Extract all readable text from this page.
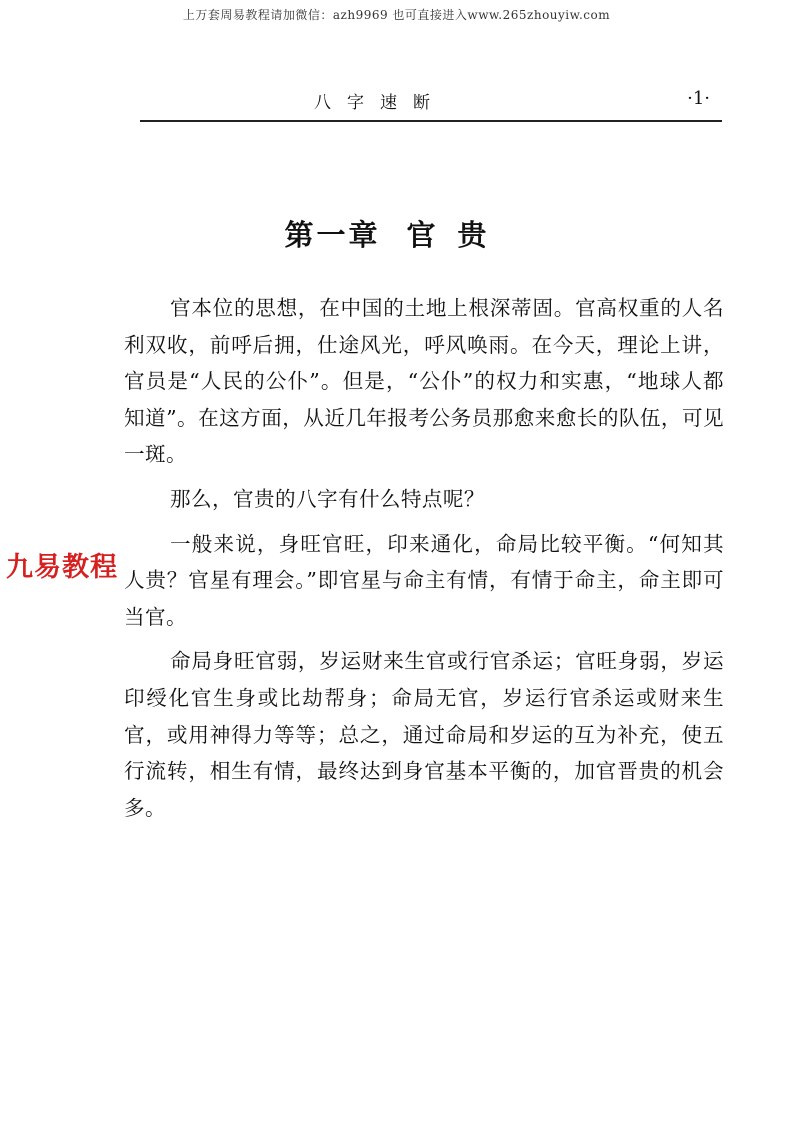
上万套周易教程请加微信：azh9969 也可直接进入www.265zhouyiw.com
八字速断	·1·
第一章 官贵

官本位的思想，在中国的土地上根深蒂固。官高权重的人名利双收，前呼后拥，仕途风光，呼风唤雨。在今天，理论上讲，官员是“人民的公仆”。但是，“公仆”的权力和实惠，“地球人都知道”。在这方面，从近几年报考公务员那愈来愈长的队伍，可见一斑。

那么，官贵的八字有什么特点呢？

一般来说，身旺官旺，印来通化，命局比较平衡。“何知其人贵？官星有理会。”即官星与命主有情，有情于命主，命主即可当官。

命局身旺官弱，岁运财来生官或行官杀运；官旺身弱，岁运印绶化官生身或比劫帮身；命局无官，岁运行官杀运或财来生官，或用神得力等等；总之，通过命局和岁运的互为补充，使五行流转，相生有情，最终达到身官基本平衡的，加官晋贵的机会多。

九易教程
